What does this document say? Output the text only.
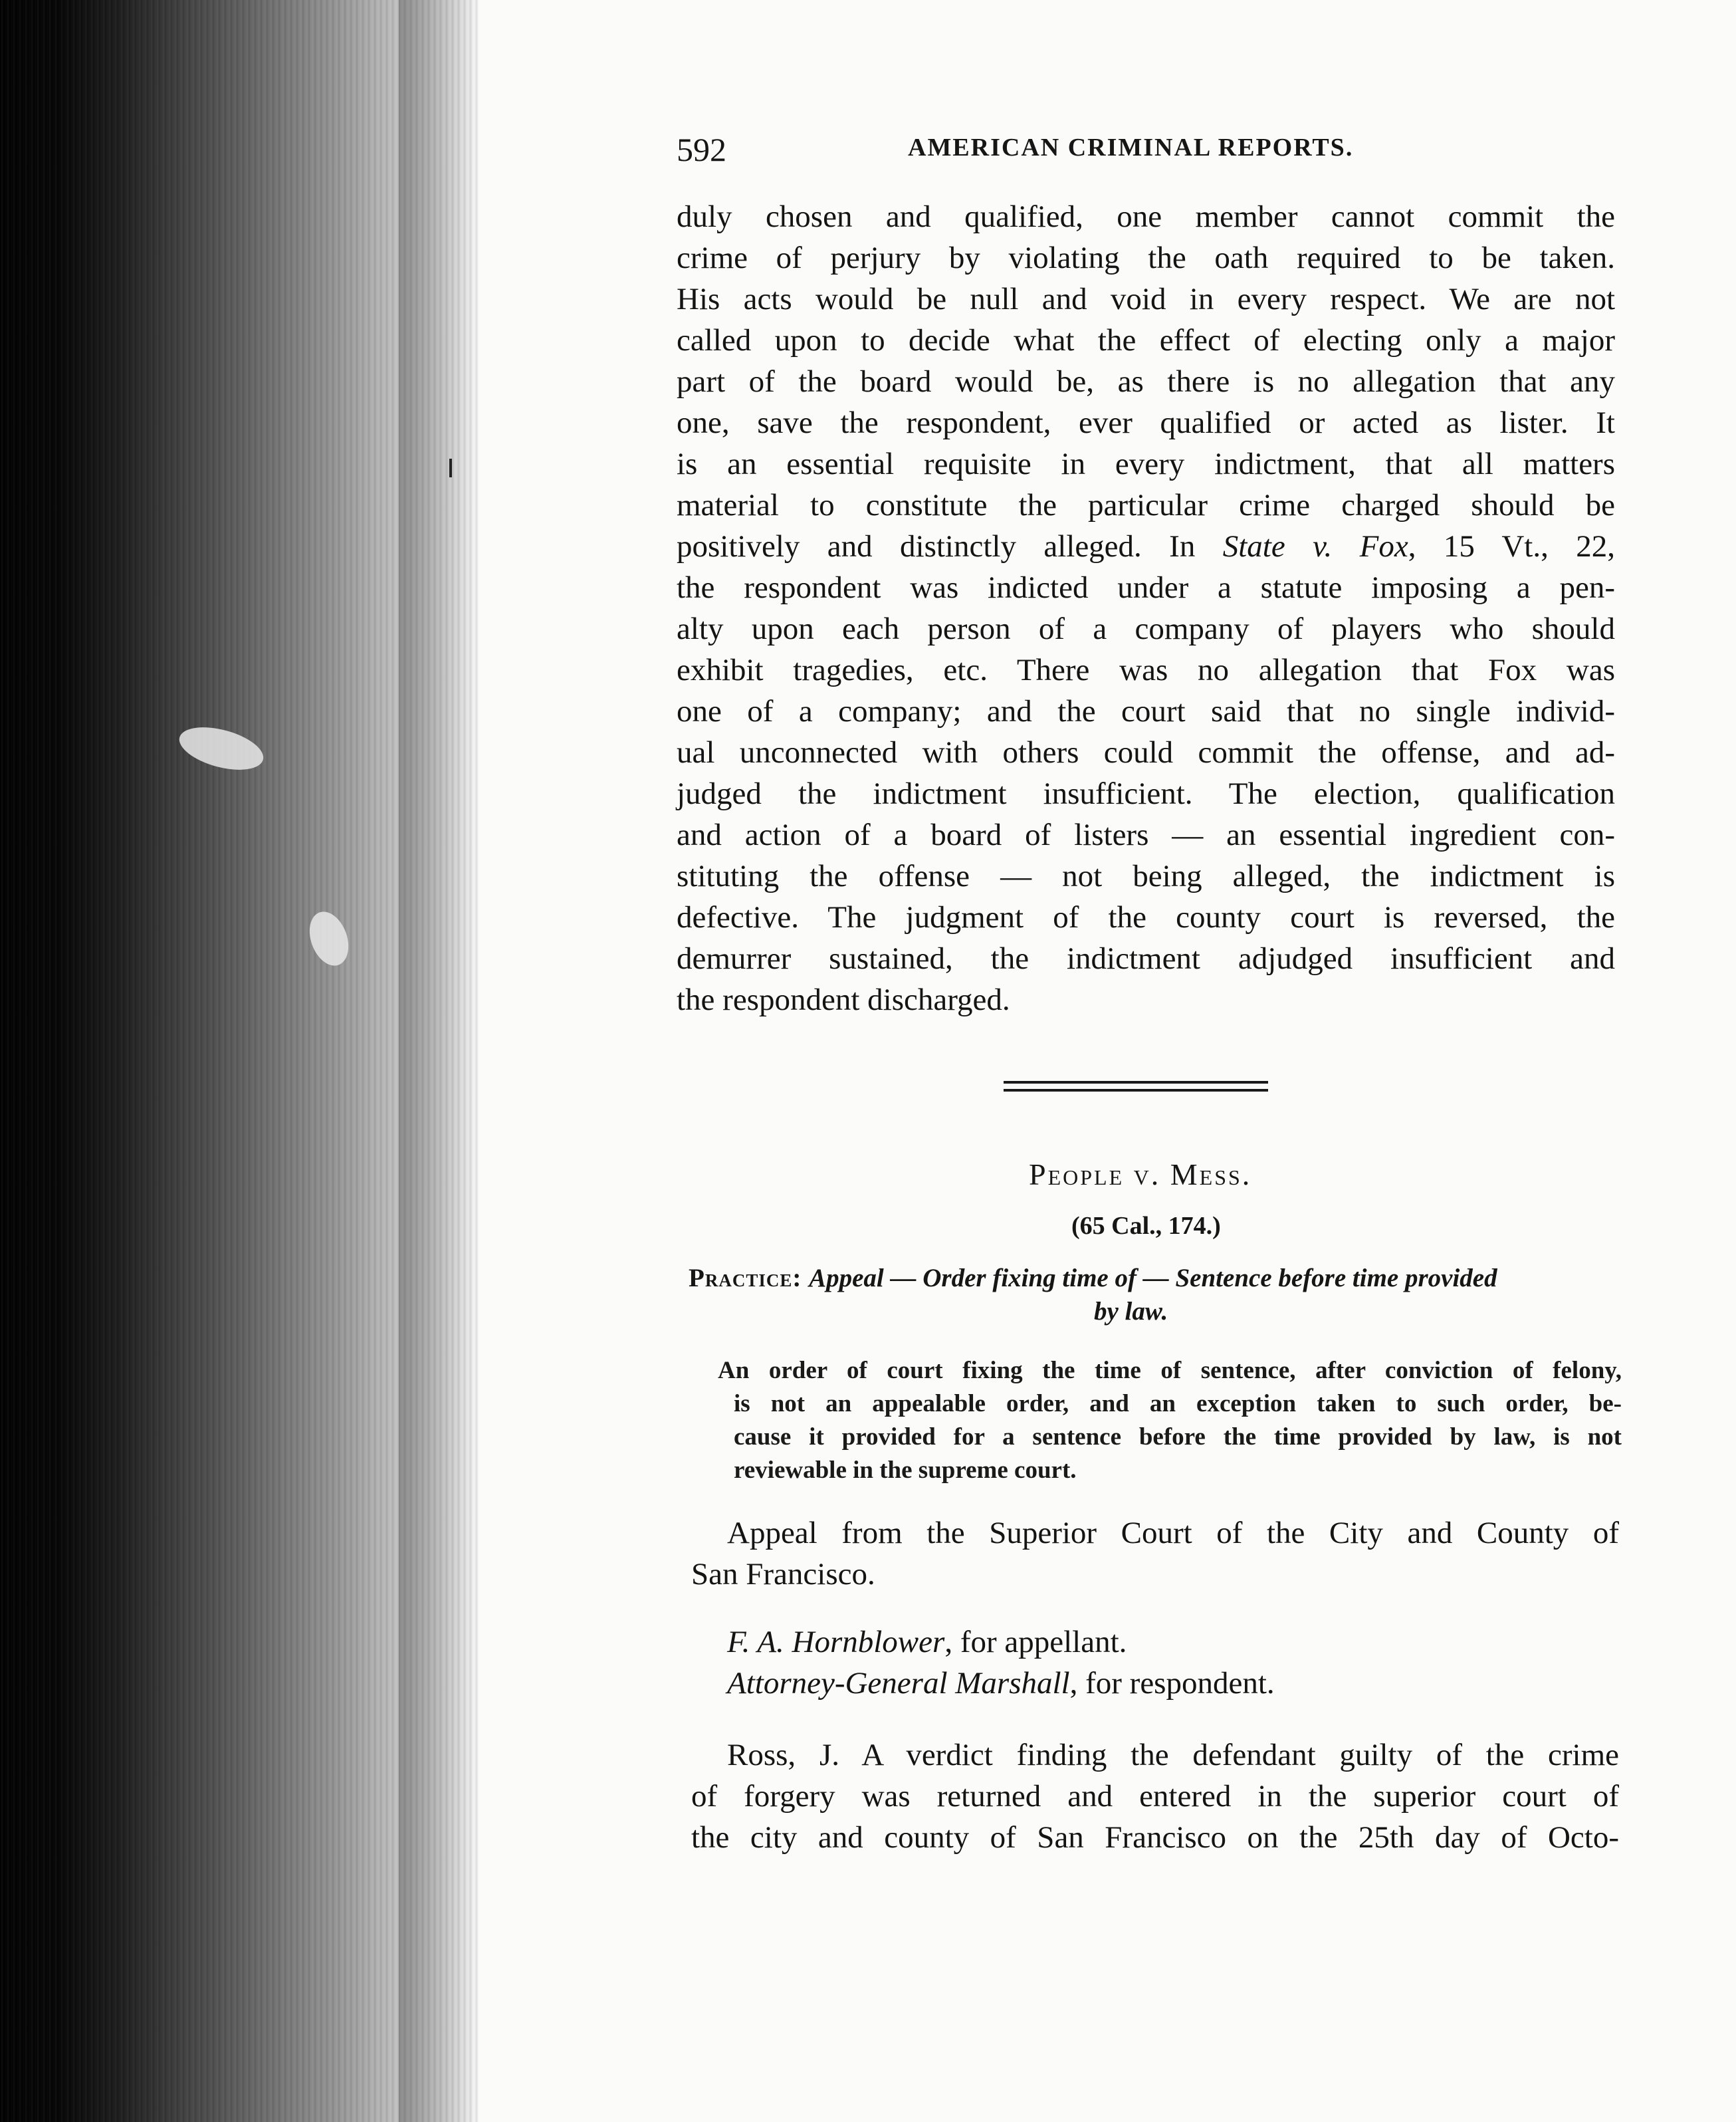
592	AMERICAN CRIMINAL REPORTS.
duly chosen and qualified, one member cannot commit the
crime of perjury by violating the oath required to be taken.
His acts would be null and void in every respect. We are not
called upon to decide what the effect of electing only a major
part of the board would be, as there is no allegation that any
one, save the respondent, ever qualified or acted as lister. It
is an essential requisite in every indictment, that all matters
material to constitute the particular crime charged should be
positively and distinctly alleged. In State v. Fox, 15 Vt., 22,
the respondent was indicted under a statute imposing a pen-
alty upon each person of a company of players who should
exhibit tragedies, etc. There was no allegation that Fox was
one of a company; and the court said that no single individ-
ual unconnected with others could commit the offense, and ad-
judged the indictment insufficient. The election, qualification
and action of a board of listers — an essential ingredient con-
stituting the offense — not being alleged, the indictment is
defective. The judgment of the county court is reversed, the
demurrer sustained, the indictment adjudged insufficient and
the respondent discharged.
People v. Mess.
(65 Cal., 174.)
Practice: Appeal — Order fixing time of — Sentence before time provided
by law.
An order of court fixing the time of sentence, after conviction of felony,
is not an appealable order, and an exception taken to such order, be-
cause it provided for a sentence before the time provided by law, is not
reviewable in the supreme court.
Appeal from the Superior Court of the City and County of
San Francisco.
F. A. Hornblower, for appellant.
Attorney-General Marshall, for respondent.
Ross, J. A verdict finding the defendant guilty of the crime
of forgery was returned and entered in the superior court of
the city and county of San Francisco on the 25th day of Octo-
